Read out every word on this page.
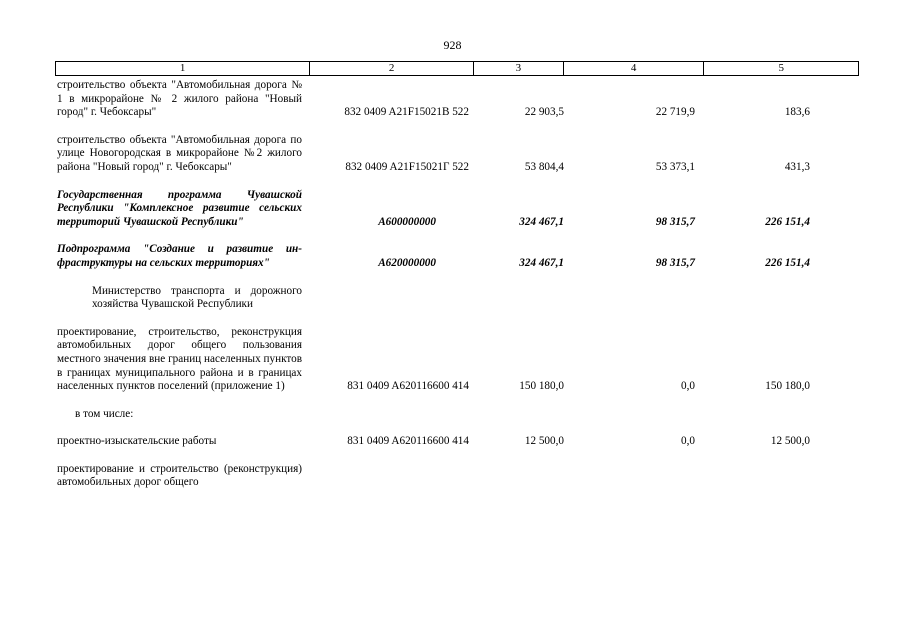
928
1	2	3	4	5
строительство объекта "Автомобильная дорога № 1 в микрорайоне № 2 жилого района "Новый город" г. Чебоксары"	832 0409 A21F15021B 522	22 903,5	22 719,9	183,6
строительство объекта "Автомобильная дорога по улице Новогородская в микрорайоне №2 жилого района "Новый город" г. Чебоксары"	832 0409 A21F15021Г 522	53 804,4	53 373,1	431,3
Государственная программа Чувашской Республики "Комплексное развитие сельских территорий Чувашской Республики"	A600000000	324 467,1	98 315,7	226 151,4
Подпрограмма "Создание и развитие инфраструктуры на сельских территориях"	A620000000	324 467,1	98 315,7	226 151,4
Министерство транспорта и дорожного хозяйства Чувашской Республики
проектирование, строительство, реконструкция автомобильных дорог общего пользования местного значения вне границ населенных пунктов в границах муниципального района и в границах населенных пунктов поселений (приложение 1)	831 0409 A620116600 414	150 180,0	0,0	150 180,0
в том числе:
проектно-изыскательские работы	831 0409 A620116600 414	12 500,0	0,0	12 500,0
проектирование и строительство (реконструкция) автомобильных дорог общего
